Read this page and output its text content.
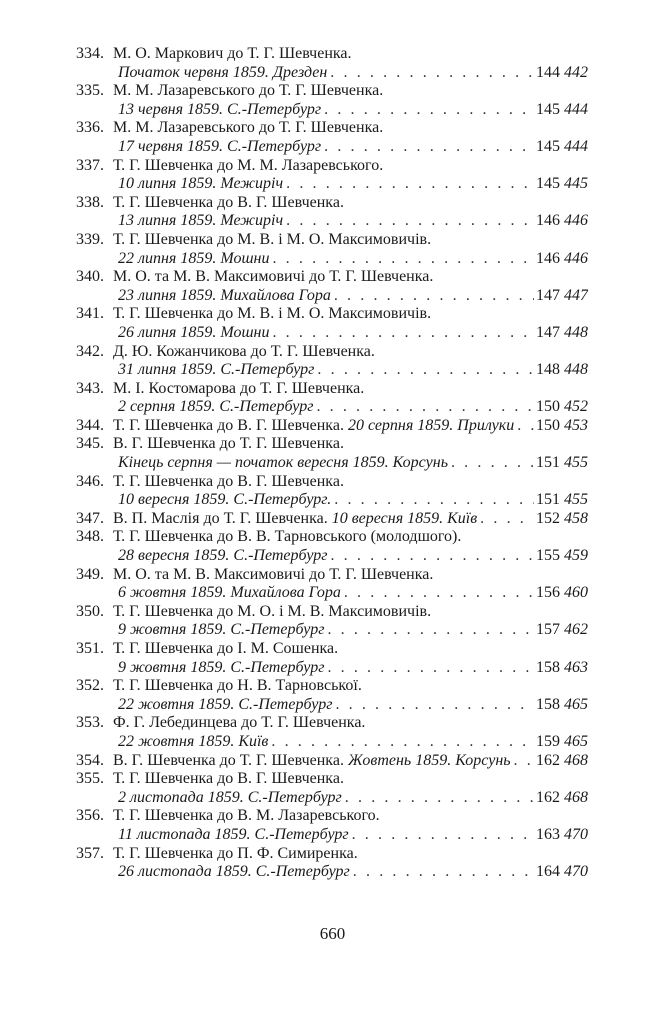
334. М. О. Маркович до Т. Г. Шевченка.
Початок червня 1859. Дрезден . . .	144 442
335. М. М. Лазаревського до Т. Г. Шевченка.
13 червня 1859. С.-Петербург . . .	145 444
336. М. М. Лазаревського до Т. Г. Шевченка.
17 червня 1859. С.-Петербург . . .	145 444
337. Т. Г. Шевченка до М. М. Лазаревського.
10 липня 1859. Межиріч . . .	145 445
338. Т. Г. Шевченка до В. Г. Шевченка.
13 липня 1859. Межиріч . . .	146 446
339. Т. Г. Шевченка до М. В. і М. О. Максимовичів.
22 липня 1859. Мошни . . .	146 446
340. М. О. та М. В. Максимовичі до Т. Г. Шевченка.
23 липня 1859. Михайлова Гора . . .	147 447
341. Т. Г. Шевченка до М. В. і М. О. Максимовичів.
26 липня 1859. Мошни . . .	147 448
342. Д. Ю. Кожанчикова до Т. Г. Шевченка.
31 липня 1859. С.-Петербург . . .	148 448
343. М. І. Костомарова до Т. Г. Шевченка.
2 серпня 1859. С.-Петербург . . .	150 452
344. Т. Г. Шевченка до В. Г. Шевченка.
20 серпня 1859. Прилуки . . . 150 453
345. В. Г. Шевченка до Т. Г. Шевченка.
Кінець серпня — початок вересня 1859. Корсунь . . .	151 455
346. Т. Г. Шевченка до В. Г. Шевченка.
10 вересня 1859. С.-Петербург. . . .	151 455
347. В. П. Маслія до Т. Г. Шевченка.
10 вересня 1859. Київ . . .	152 458
348. Т. Г. Шевченка до В. В. Тарновського (молодшого).
28 вересня 1859. С.-Петербург . . .	155 459
349. М. О. та М. В. Максимовичі до Т. Г. Шевченка.
6 жовтня 1859. Михайлова Гора . . .	156 460
350. Т. Г. Шевченка до М. О. і М. В. Максимовичів.
9 жовтня 1859. С.-Петербург . . .	157 462
351. Т. Г. Шевченка до І. М. Сошенка.
9 жовтня 1859. С.-Петербург . . .	158 463
352. Т. Г. Шевченка до Н. В. Тарновської.
22 жовтня 1859. С.-Петербург . . .	158 465
353. Ф. Г. Лебединцева до Т. Г. Шевченка.
22 жовтня 1859. Київ . . .	159 465
354. В. Г. Шевченка до Т. Г. Шевченка.
Жовтень 1859. Корсунь . . . 162 468
355. Т. Г. Шевченка до В. Г. Шевченка.
2 листопада 1859. С.-Петербург . . .	162 468
356. Т. Г. Шевченка до В. М. Лазаревського.
11 листопада 1859. С.-Петербург . . .	163 470
357. Т. Г. Шевченка до П. Ф. Симиренка.
26 листопада 1859. С.-Петербург . . .	164 470
660
